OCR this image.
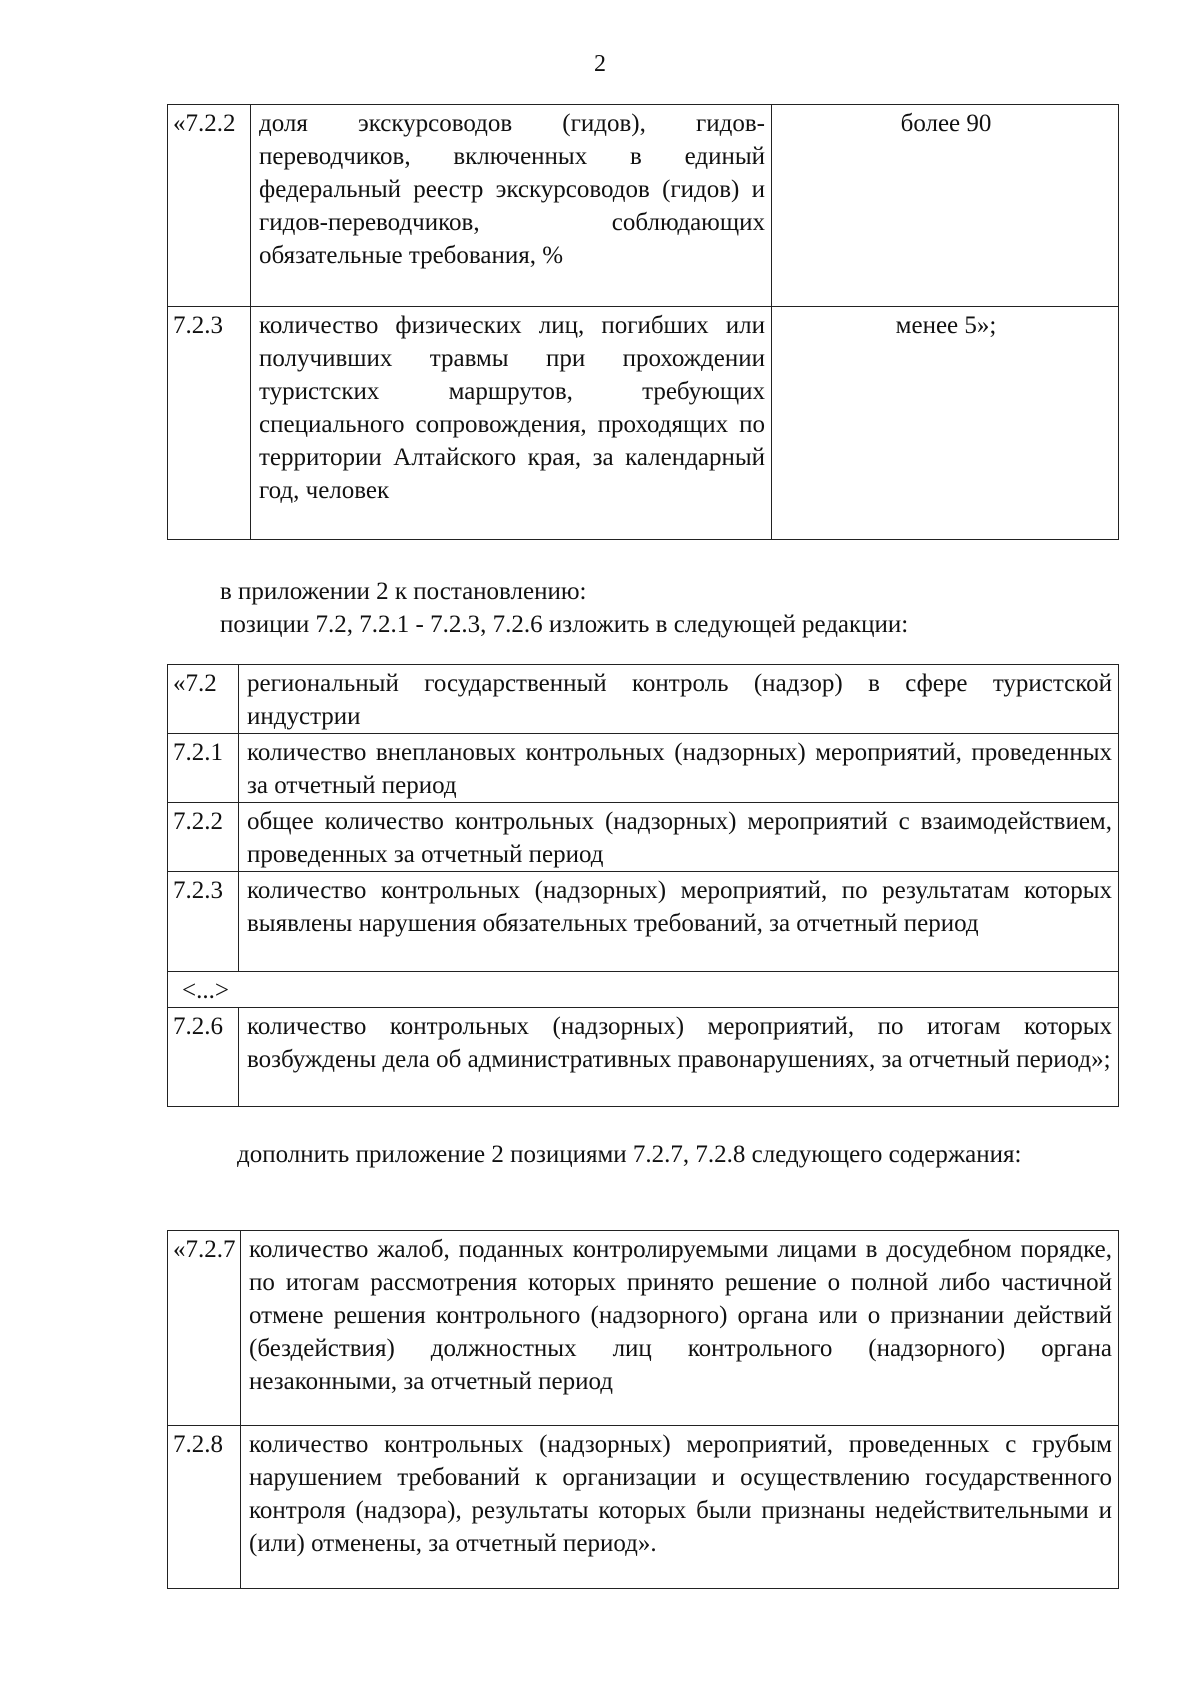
2
«7.2.2	доля экскурсоводов (гидов), гидов-переводчиков, включенных в единый федеральный реестр экскурсоводов (гидов) и гидов-переводчиков, соблюдающих обязательные требования, %	более 90
7.2.3	количество физических лиц, погибших или получивших травмы при прохождении туристских маршрутов, требующих специального сопровождения, проходящих по территории Алтайского края, за календарный год, человек	менее 5»;
в приложении 2 к постановлению:
позиции 7.2, 7.2.1 - 7.2.3, 7.2.6 изложить в следующей редакции:
«7.2	региональный государственный контроль (надзор) в сфере туристской индустрии
7.2.1	количество внеплановых контрольных (надзорных) мероприятий, проведенных за отчетный период
7.2.2	общее количество контрольных (надзорных) мероприятий с взаимодействием, проведенных за отчетный период
7.2.3	количество контрольных (надзорных) мероприятий, по результатам которых выявлены нарушения обязательных требований, за отчетный период
<...>	
7.2.6	количество контрольных (надзорных) мероприятий, по итогам которых возбуждены дела об административных правонарушениях, за отчетный период»;
дополнить приложение 2 позициями 7.2.7, 7.2.8 следующего содержания:
«7.2.7	количество жалоб, поданных контролируемыми лицами в досудебном порядке, по итогам рассмотрения которых принято решение о полной либо частичной отмене решения контрольного (надзорного) органа или о признании действий (бездействия) должностных лиц контрольного (надзорного) органа незаконными, за отчетный период
7.2.8	количество контрольных (надзорных) мероприятий, проведенных с грубым нарушением требований к организации и осуществлению государственного контроля (надзора), результаты которых были признаны недействительными и (или) отменены, за отчетный период».
